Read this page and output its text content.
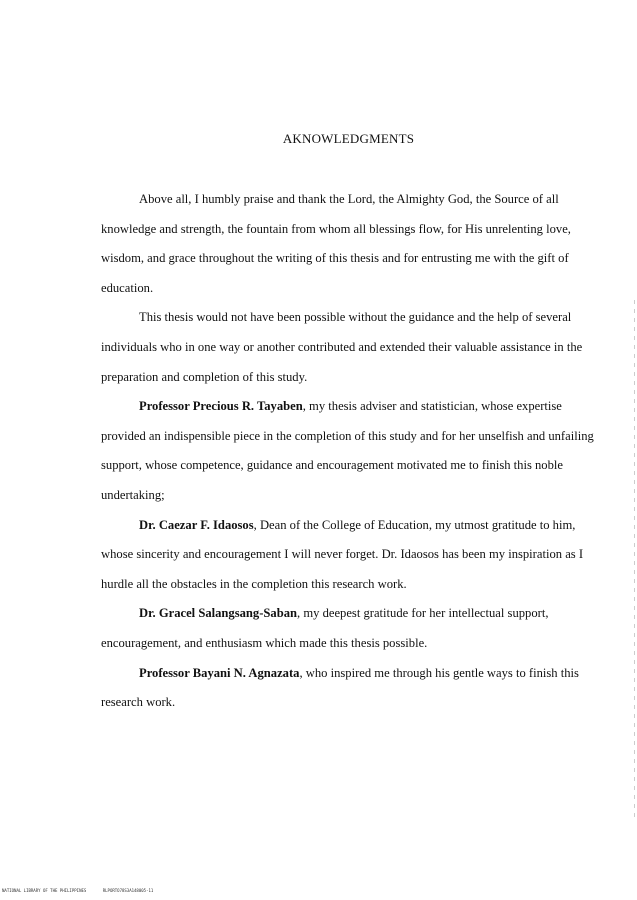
AKNOWLEDGMENTS

Above all, I humbly praise and thank the Lord, the Almighty God, the Source of all knowledge and strength, the fountain from whom all blessings flow, for His unrelenting love, wisdom, and grace throughout the writing of this thesis and for entrusting me with the gift of education.

This thesis would not have been possible without the guidance and the help of several individuals who in one way or another contributed and extended their valuable assistance in the preparation and completion of this study.

Professor Precious R. Tayaben, my thesis adviser and statistician, whose expertise provided an indispensible piece in the completion of this study and for her unselfish and unfailing support, whose competence, guidance and encouragement motivated me to finish this noble undertaking;

Dr. Caezar F. Idaosos, Dean of the College of Education, my utmost gratitude to him, whose sincerity and encouragement I will never forget. Dr. Idaosos has been my inspiration as I hurdle all the obstacles in the completion this research work.

Dr. Gracel Salangsang-Saban, my deepest gratitude for her intellectual support, encouragement, and enthusiasm which made this thesis possible.

Professor Bayani N. Agnazata, who inspired me through his gentle ways to finish this research work.

NATIONAL LIBRARY OF THE PHILIPPINES	RLPORTO78S3A148005-11
